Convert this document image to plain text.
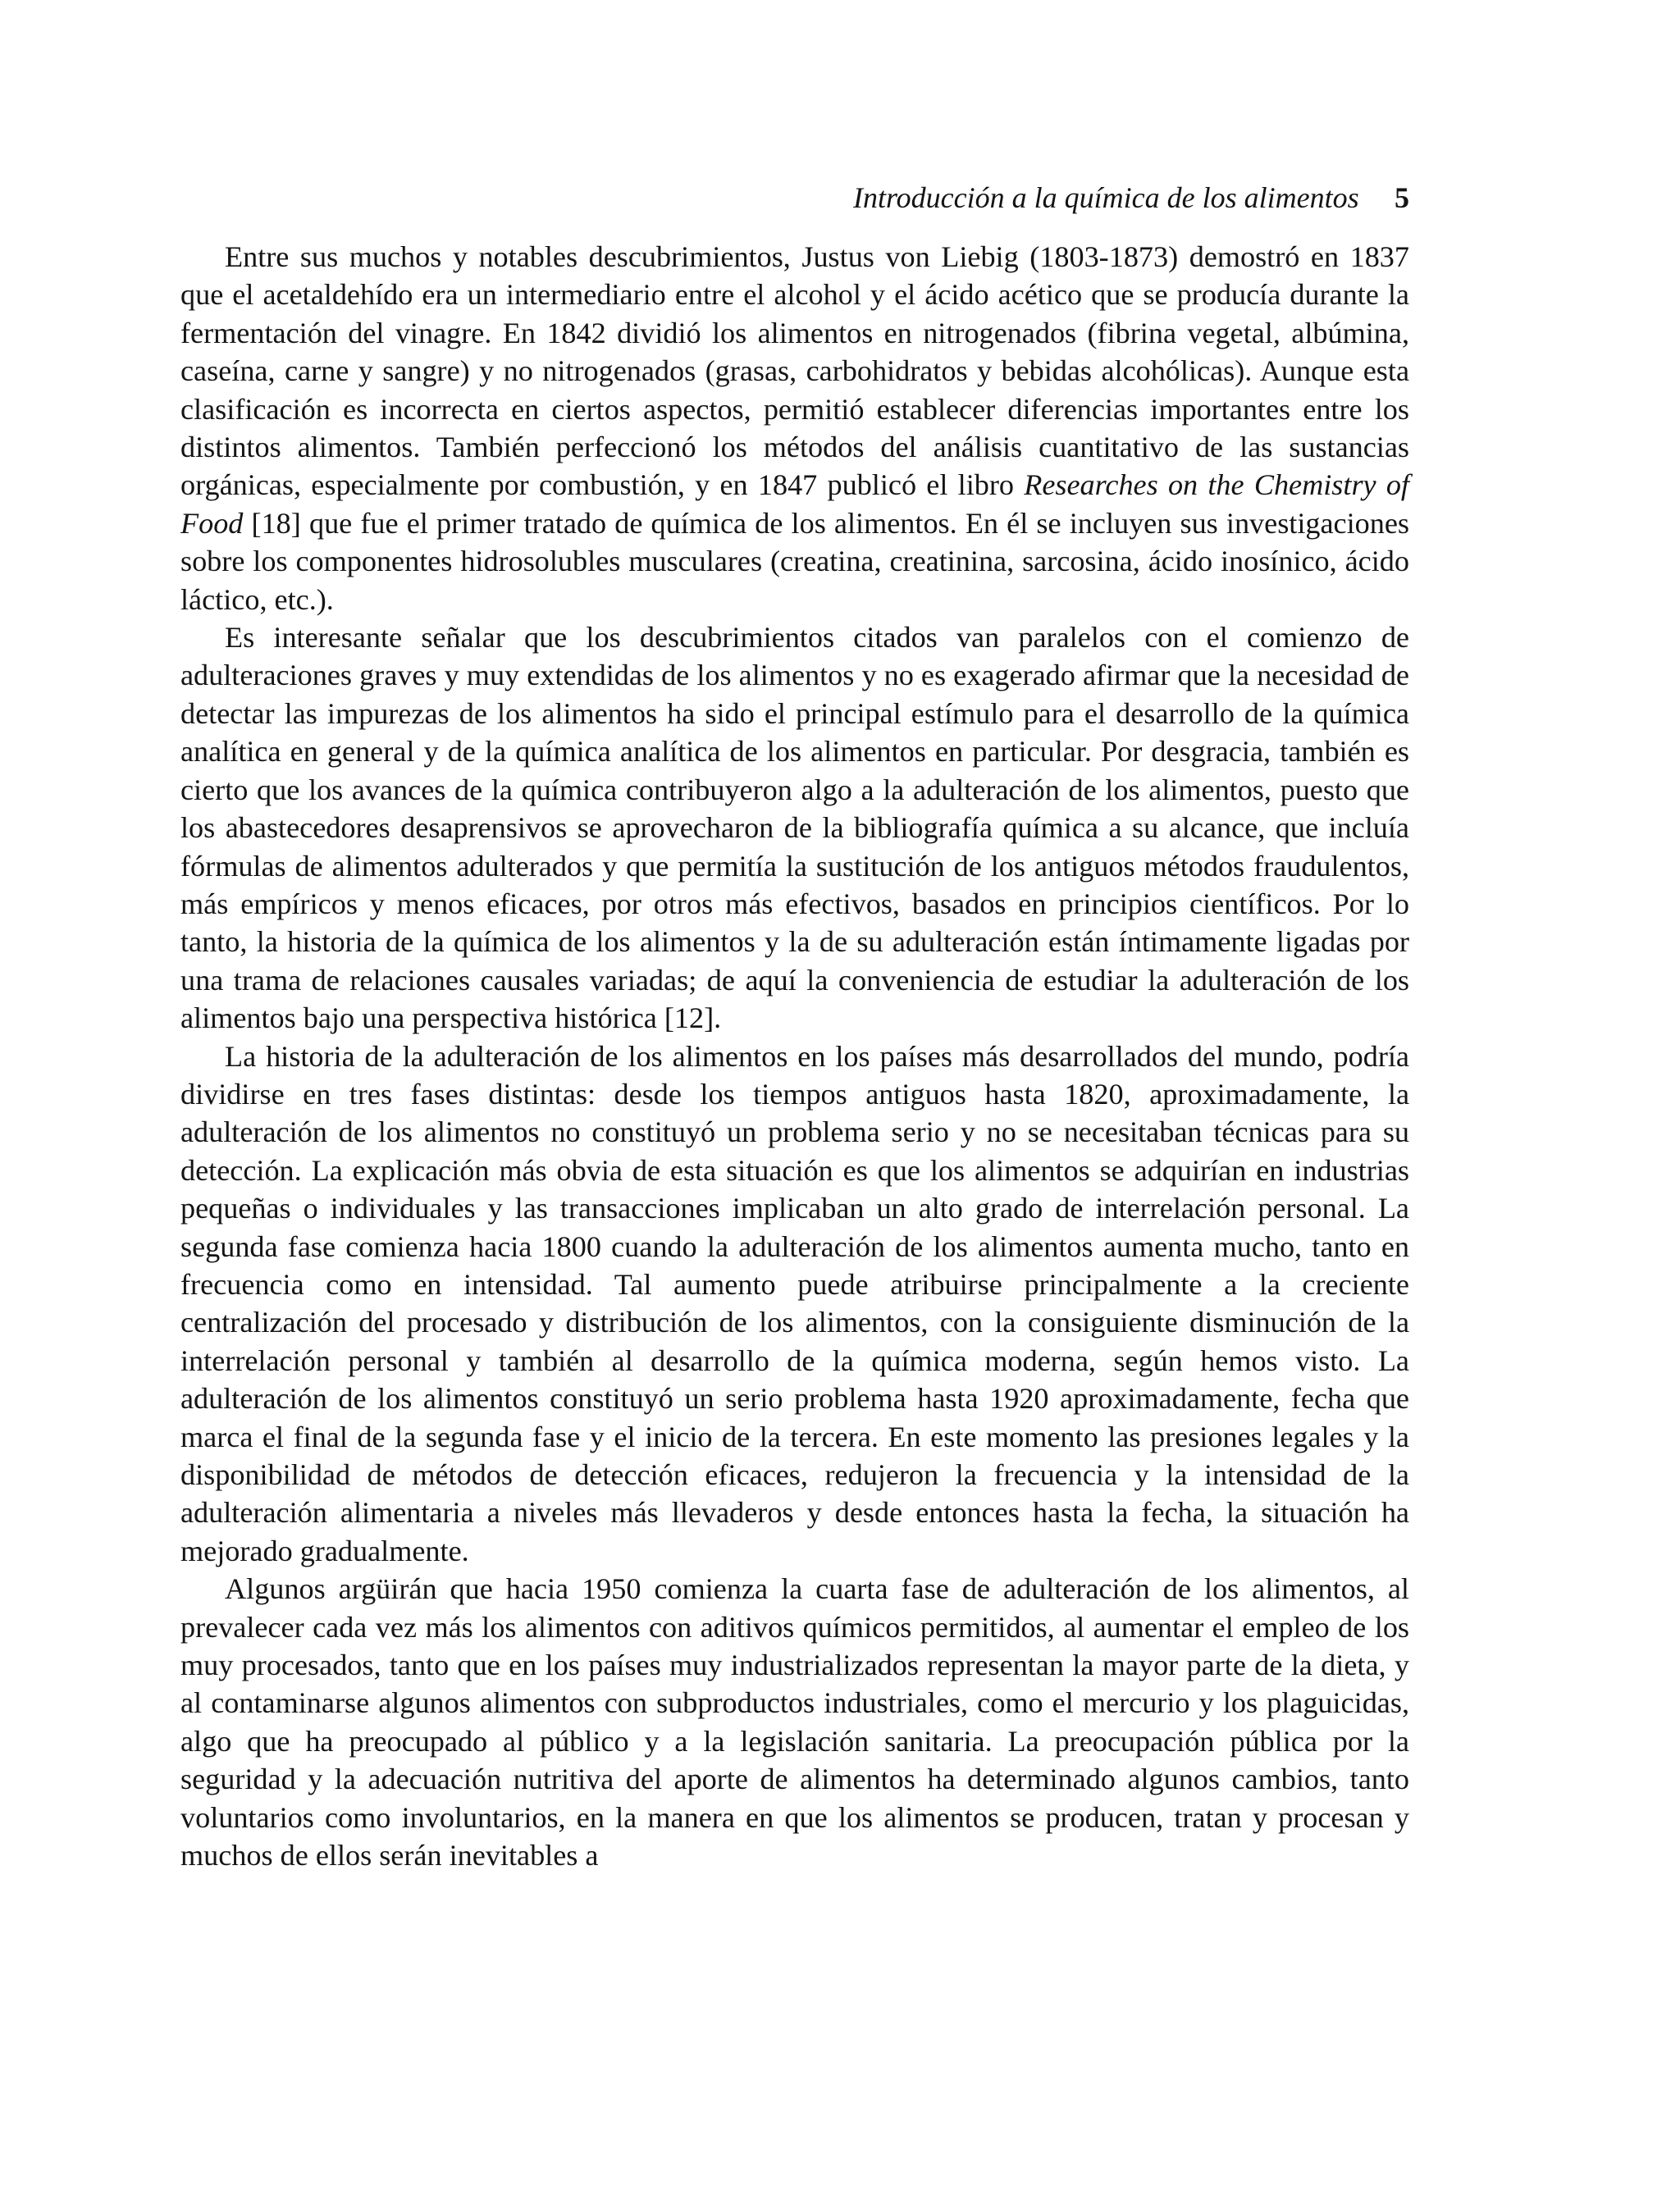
Introducción a la química de los alimentos 5

Entre sus muchos y notables descubrimientos, Justus von Liebig (1803-1873) demostró en 1837 que el acetaldehído era un intermediario entre el alcohol y el ácido acético que se producía durante la fermentación del vinagre. En 1842 dividió los alimentos en nitrogenados (fibrina vegetal, albúmina, caseína, carne y sangre) y no nitrogenados (grasas, carbohidratos y bebidas alcohólicas). Aunque esta clasificación es incorrecta en ciertos aspectos, permitió establecer diferencias importantes entre los distintos alimentos. También perfeccionó los métodos del análisis cuantitativo de las sustancias orgánicas, especialmente por combustión, y en 1847 publicó el libro Researches on the Chemistry of Food [18] que fue el primer tratado de química de los alimentos. En él se incluyen sus investigaciones sobre los componentes hidrosolubles musculares (creatina, creatinina, sarcosina, ácido inosínico, ácido láctico, etc.).

Es interesante señalar que los descubrimientos citados van paralelos con el comienzo de adulteraciones graves y muy extendidas de los alimentos y no es exagerado afirmar que la necesidad de detectar las impurezas de los alimentos ha sido el principal estímulo para el desarrollo de la química analítica en general y de la química analítica de los alimentos en particular. Por desgracia, también es cierto que los avances de la química contribuyeron algo a la adulteración de los alimentos, puesto que los abastecedores desaprensivos se aprovecharon de la bibliografía química a su alcance, que incluía fórmulas de alimentos adulterados y que permitía la sustitución de los antiguos métodos fraudulentos, más empíricos y menos eficaces, por otros más efectivos, basados en principios científicos. Por lo tanto, la historia de la química de los alimentos y la de su adulteración están íntimamente ligadas por una trama de relaciones causales variadas; de aquí la conveniencia de estudiar la adulteración de los alimentos bajo una perspectiva histórica [12].

La historia de la adulteración de los alimentos en los países más desarrollados del mundo, podría dividirse en tres fases distintas: desde los tiempos antiguos hasta 1820, aproximadamente, la adulteración de los alimentos no constituyó un problema serio y no se necesitaban técnicas para su detección. La explicación más obvia de esta situación es que los alimentos se adquirían en industrias pequeñas o individuales y las transacciones implicaban un alto grado de interrelación personal. La segunda fase comienza hacia 1800 cuando la adulteración de los alimentos aumenta mucho, tanto en frecuencia como en intensidad. Tal aumento puede atribuirse principalmente a la creciente centralización del procesado y distribución de los alimentos, con la consiguiente disminución de la interrelación personal y también al desarrollo de la química moderna, según hemos visto. La adulteración de los alimentos constituyó un serio problema hasta 1920 aproximadamente, fecha que marca el final de la segunda fase y el inicio de la tercera. En este momento las presiones legales y la disponibilidad de métodos de detección eficaces, redujeron la frecuencia y la intensidad de la adulteración alimentaria a niveles más llevaderos y desde entonces hasta la fecha, la situación ha mejorado gradualmente.

Algunos argüirán que hacia 1950 comienza la cuarta fase de adulteración de los alimentos, al prevalecer cada vez más los alimentos con aditivos químicos permitidos, al aumentar el empleo de los muy procesados, tanto que en los países muy industrializados representan la mayor parte de la dieta, y al contaminarse algunos alimentos con subproductos industriales, como el mercurio y los plaguicidas, algo que ha preocupado al público y a la legislación sanitaria. La preocupación pública por la seguridad y la adecuación nutritiva del aporte de alimentos ha determinado algunos cambios, tanto voluntarios como involuntarios, en la manera en que los alimentos se producen, tratan y procesan y muchos de ellos serán inevitables a
